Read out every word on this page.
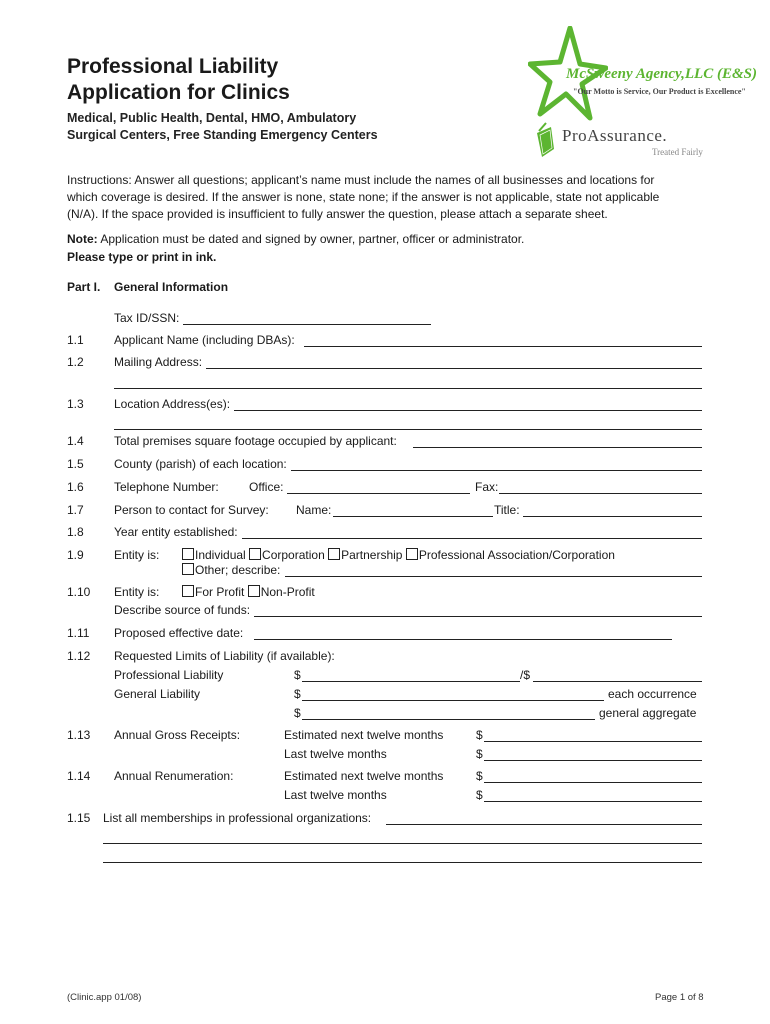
Professional Liability
Application for Clinics
Medical, Public Health, Dental, HMO, Ambulatory
Surgical Centers, Free Standing Emergency Centers
McSweeny Agency,LLC (E&S)
"Our Motto is Service, Our Product is Excellence"
ProAssurance.
Treated Fairly
Instructions: Answer all questions; applicant’s name must include the names of all businesses and locations for
which coverage is desired. If the answer is none, state none; if the answer is not applicable, state not applicable
(N/A). If the space provided is insufficient to fully answer the question, please attach a separate sheet.
Note: Application must be dated and signed by owner, partner, officer or administrator.
Please type or print in ink.
Part I. General Information
Tax ID/SSN:
1.1	Applicant Name (including DBAs):
1.2	Mailing Address:
1.3	Location Address(es):
1.4	Total premises square footage occupied by applicant:
1.5	County (parish) of each location:
1.6	Telephone Number:	Office:	Fax:
1.7	Person to contact for Survey: Name:	Title:
1.8	Year entity established:
1.9	Entity is:	Individual Corporation Partnership Professional Association/Corporation
Other; describe:
1.10 Entity is:	For Profit Non-Profit
Describe source of funds:
1.11 Proposed effective date:
1.12 Requested Limits of Liability (if available):
Professional Liability	$	/$
General Liability	$	each occurrence
$	general aggregate
1.13 Annual Gross Receipts:	Estimated next twelve months	$
Last twelve months	$
1.14 Annual Renumeration:	Estimated next twelve months	$
Last twelve months	$
1.15 List all memberships in professional organizations:
(Clinic.app 01/08)	Page 1 of 8
